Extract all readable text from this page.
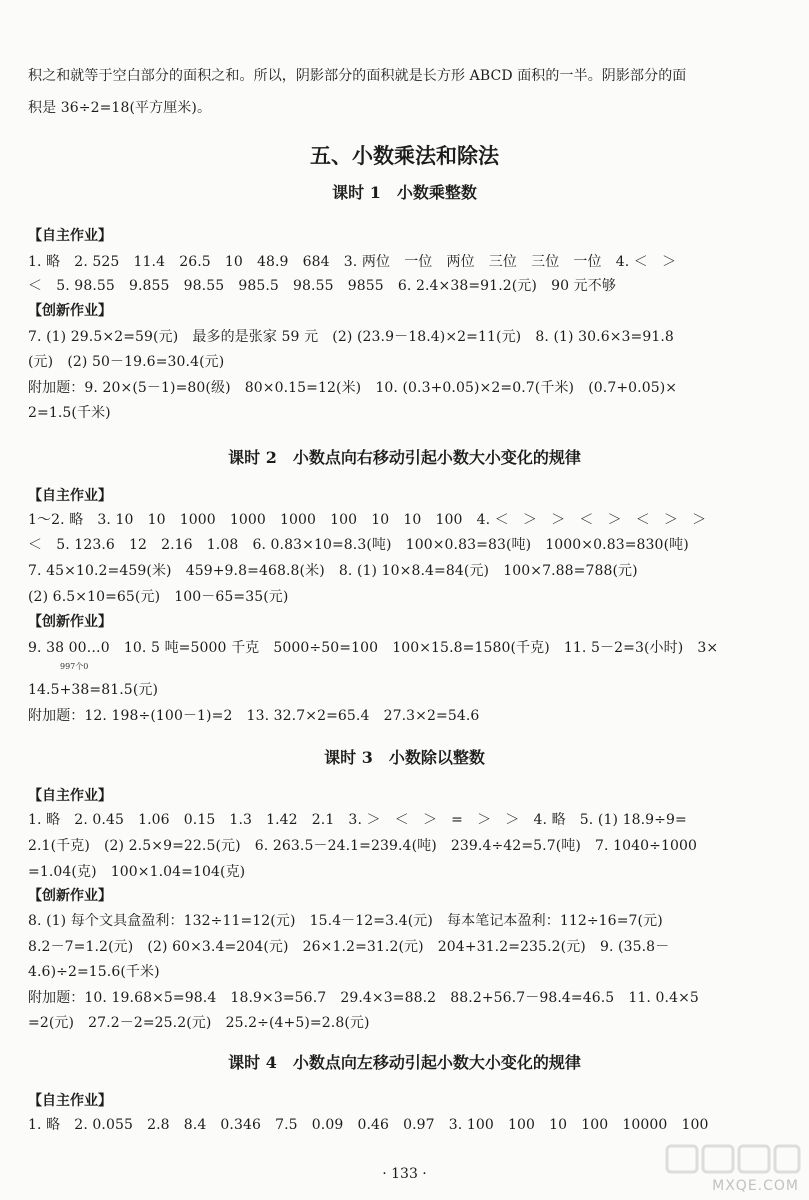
积之和就等于空白部分的面积之和。所以，阴影部分的面积就是长方形 ABCD 面积的一半。阴影部分的面
积是 36÷2=18(平方厘米)。
五、小数乘法和除法
课时 1　小数乘整数
【自主作业】
1. 略　2. 525　11.4　26.5　10　48.9　684　3. 两位　一位　两位　三位　三位　一位　4. ＜　＞
＜　5. 98.55　9.855　98.55　985.5　98.55　9855　6. 2.4×38=91.2(元)　90 元不够
【创新作业】
7. (1) 29.5×2=59(元)　最多的是张家 59 元　(2) (23.9－18.4)×2=11(元)　8. (1) 30.6×3=91.8
(元)　(2) 50－19.6=30.4(元)
附加题：9. 20×(5－1)=80(级)　80×0.15=12(米)　10. (0.3+0.05)×2=0.7(千米)　(0.7+0.05)×
2=1.5(千米)
课时 2　小数点向右移动引起小数大小变化的规律
【自主作业】
1～2. 略　3. 10　10　1000　1000　1000　100　10　10　100　4. ＜　＞　＞　＜　＞　＜　＞　＞
＜　5. 123.6　12　2.16　1.08　6. 0.83×10=8.3(吨)　100×0.83=83(吨)　1000×0.83=830(吨)
7. 45×10.2=459(米)　459+9.8=468.8(米)　8. (1) 10×8.4=84(元)　100×7.88=788(元)
(2) 6.5×10=65(元)　100－65=35(元)
【创新作业】
9. 38 00…0　10. 5 吨=5000 千克　5000÷50=100　100×15.8=1580(千克)　11. 5－2=3(小时)　3×
997个0
14.5+38=81.5(元)
附加题：12. 198÷(100－1)=2　13. 32.7×2=65.4　27.3×2=54.6
课时 3　小数除以整数
【自主作业】
1. 略　2. 0.45　1.06　0.15　1.3　1.42　2.1　3. ＞　＜　＞　=　＞　＞　4. 略　5. (1) 18.9÷9=
2.1(千克)　(2) 2.5×9=22.5(元)　6. 263.5－24.1=239.4(吨)　239.4÷42=5.7(吨)　7. 1040÷1000
=1.04(克)　100×1.04=104(克)
【创新作业】
8. (1) 每个文具盒盈利：132÷11=12(元)　15.4－12=3.4(元)　每本笔记本盈利：112÷16=7(元)
8.2－7=1.2(元)　(2) 60×3.4=204(元)　26×1.2=31.2(元)　204+31.2=235.2(元)　9. (35.8－
4.6)÷2=15.6(千米)
附加题：10. 19.68×5=98.4　18.9×3=56.7　29.4×3=88.2　88.2+56.7－98.4=46.5　11. 0.4×5
=2(元)　27.2－2=25.2(元)　25.2÷(4+5)=2.8(元)
课时 4　小数点向左移动引起小数大小变化的规律
【自主作业】
1. 略　2. 0.055　2.8　8.4　0.346　7.5　0.09　0.46　0.97　3. 100　100　10　100　10000　100
· 133 ·
MXQE.COM
